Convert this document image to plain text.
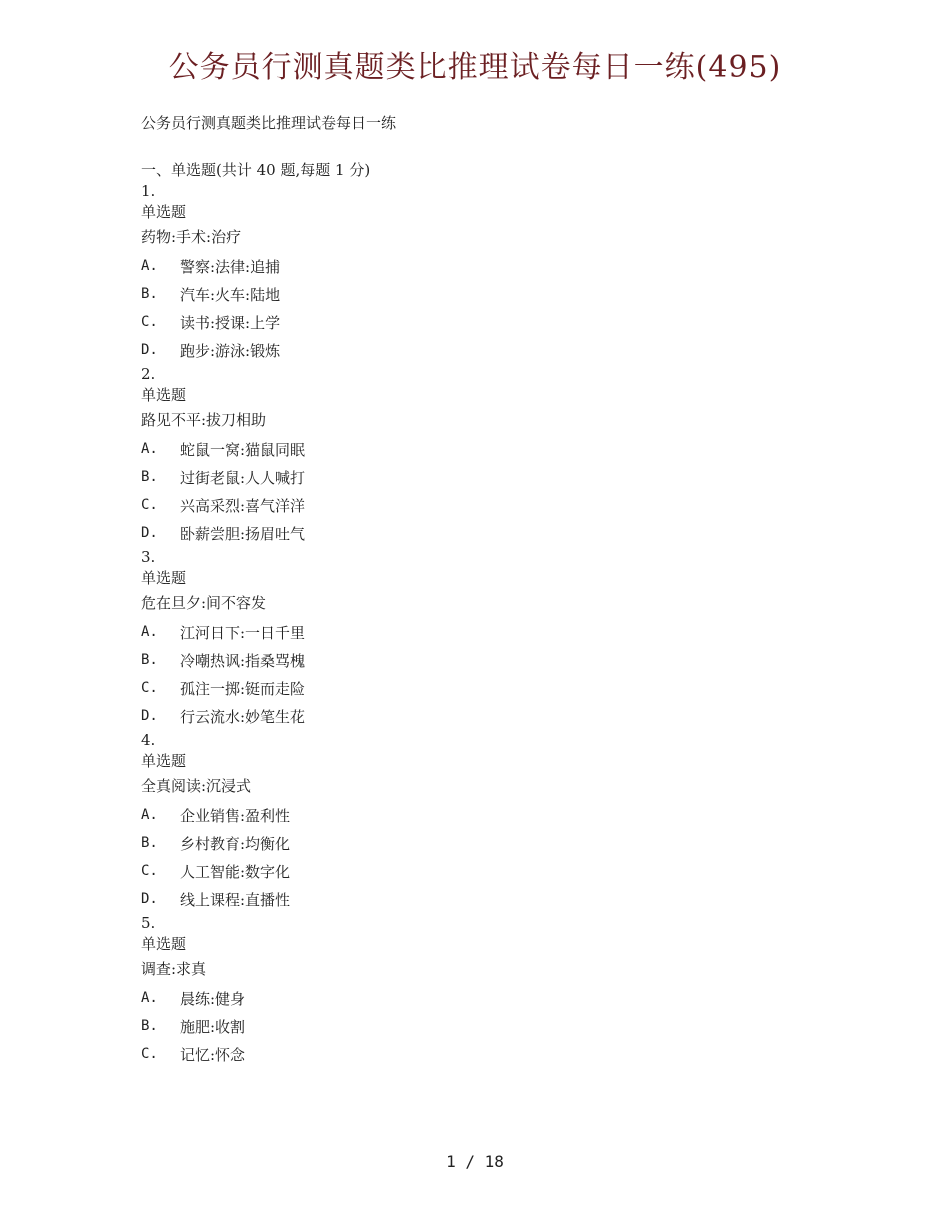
公务员行测真题类比推理试卷每日一练(495)
公务员行测真题类比推理试卷每日一练
一、单选题(共计 40 题,每题 1 分)
1.
单选题
药物:手术:治疗
A.	警察:法律:追捕
B.	汽车:火车:陆地
C.	读书:授课:上学
D.	跑步:游泳:锻炼
2.
单选题
路见不平:拔刀相助
A.	蛇鼠一窝:猫鼠同眠
B.	过街老鼠:人人喊打
C.	兴高采烈:喜气洋洋
D.	卧薪尝胆:扬眉吐气
3.
单选题
危在旦夕:间不容发
A.	江河日下:一日千里
B.	冷嘲热讽:指桑骂槐
C.	孤注一掷:铤而走险
D.	行云流水:妙笔生花
4.
单选题
全真阅读:沉浸式
A.	企业销售:盈利性
B.	乡村教育:均衡化
C.	人工智能:数字化
D.	线上课程:直播性
5.
单选题
调查:求真
A.	晨练:健身
B.	施肥:收割
C.	记忆:怀念
1 / 18
